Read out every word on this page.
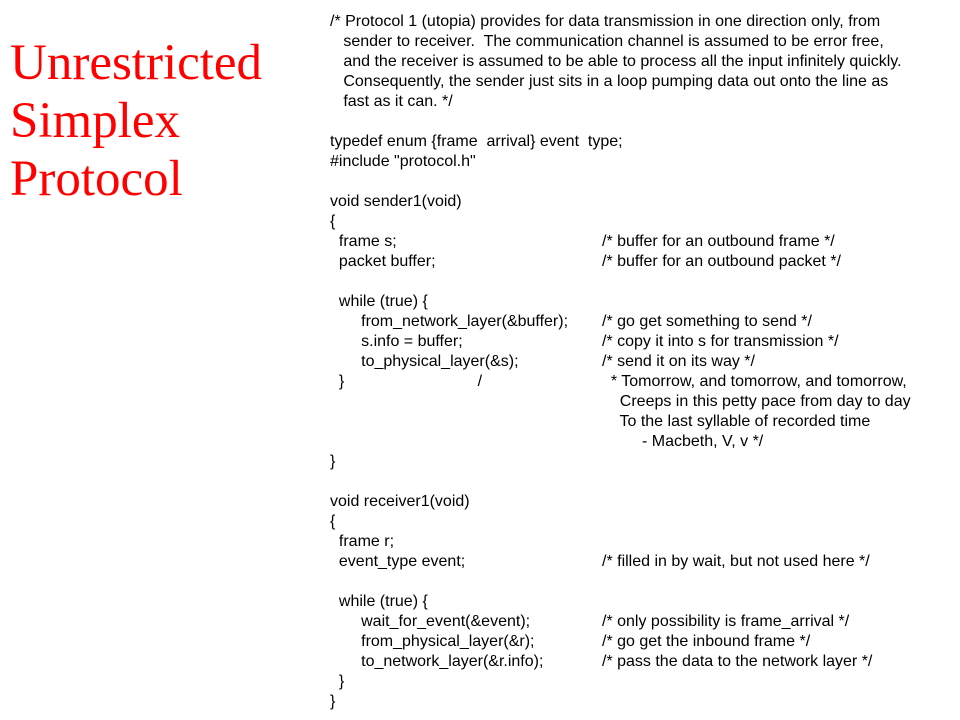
Unrestricted
Simplex
Protocol
/* Protocol 1 (utopia) provides for data transmission in one direction only, from
sender to receiver.  The communication channel is assumed to be error free,
and the receiver is assumed to be able to process all the input infinitely quickly.
Consequently, the sender just sits in a loop pumping data out onto the line as
fast as it can. */
typedef enum {frame  arrival} event  type;
#include "protocol.h"
void sender1(void)
{
frame s;	/* buffer for an outbound frame */
packet buffer;	/* buffer for an outbound packet */
while (true) {
from_network_layer(&buffer); /* go get something to send */
s.info = buffer;	/* copy it into s for transmission */
to_physical_layer(&s);	/* send it on its way */
}                              /	* Tomorrow, and tomorrow, and tomorrow,
Creeps in this petty pace from day to day
To the last syllable of recorded time
- Macbeth, V, v */
}
void receiver1(void)
{
frame r;
event_type event;	/* filled in by wait, but not used here */
while (true) {
wait_for_event(&event);	/* only possibility is frame_arrival */
from_physical_layer(&r);	/* go get the inbound frame */
to_network_layer(&r.info);	/* pass the data to the network layer */
}
}
